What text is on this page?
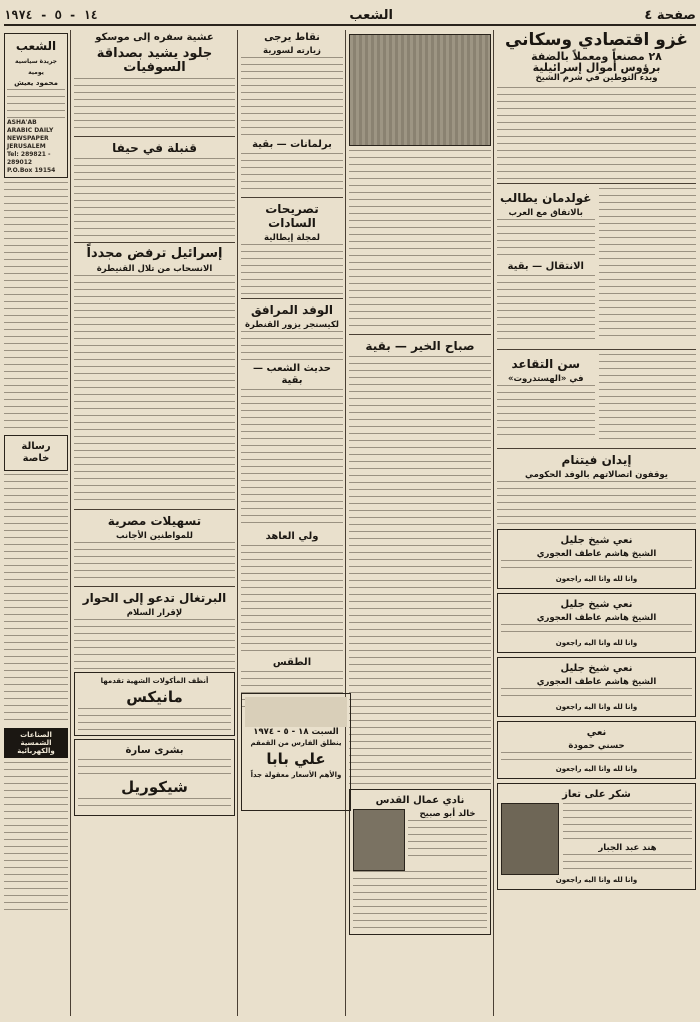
صفحة ٤
الشعب
١٤ - ٥ - ١٩٧٤
غزو اقتصادي وسكاني
٢٨ مصنعاً ومعملاً بالضفة
برؤوس أموال إسرائيلية
وبدء التوطين في شرم الشيخ
غولدمان يطالب
بالاتفاق مع العرب
الانتقال — بقية
سن التقاعد
في «الهستدروت»
إيدان فيتنام
يوقفون اتصالاتهم بالوفد الحكومي
نعي شيخ جليل
الشيخ هاشم عاطف العجوري
وانا لله وانا اليه راجعون
نعي شيخ جليل
الشيخ هاشم عاطف العجوري
وانا لله وانا اليه راجعون
نعي شيخ جليل
الشيخ هاشم عاطف العجوري
وانا لله وانا اليه راجعون
نعي
حسني حمودة
وانا لله وانا اليه راجعون
شكر على تعاز
هند عبد الجبار
وانا لله وانا اليه راجعون
صباح الخير — بقية
نادي عمال القدس
خالد أبو صبيح
نقاط يرجى
زيارته لسورية
برلمانات — بقية
تصريحات السادات
لمجلة إيطالية
الوفد المرافق
لكيسنجر يزور القنطرة
حديث الشعب — بقية
ولي العاهد
الطقس
السبت ١٨ - ٥ - ١٩٧٤
ينطلق الفارس من القمقم
علي بابا
والأهم الأسعار معقولة جداً
عشية سفره إلى موسكو
جلود يشيد بصداقة السوفيات
قنبلة في حيفا
إسرائيل ترفض مجدداً
الانسحاب من تلال القنيطرة
تسهيلات مصرية
للمواطنين الأجانب
البرتغال تدعو إلى الحوار
لإقرار السلام
أنظف المأكولات الشهية تقدمها
مانيكس
بشرى سارة
شيكوريل
الشعب
جريدة سياسية يومية
محمود يعيش
ASHA'AB
ARABIC DAILY
NEWSPAPER
JERUSALEM
Tel: 289821 - 289012
P.O.Box 19154
رسالة خاصة
الصناعات الشمسية والكهربائية
